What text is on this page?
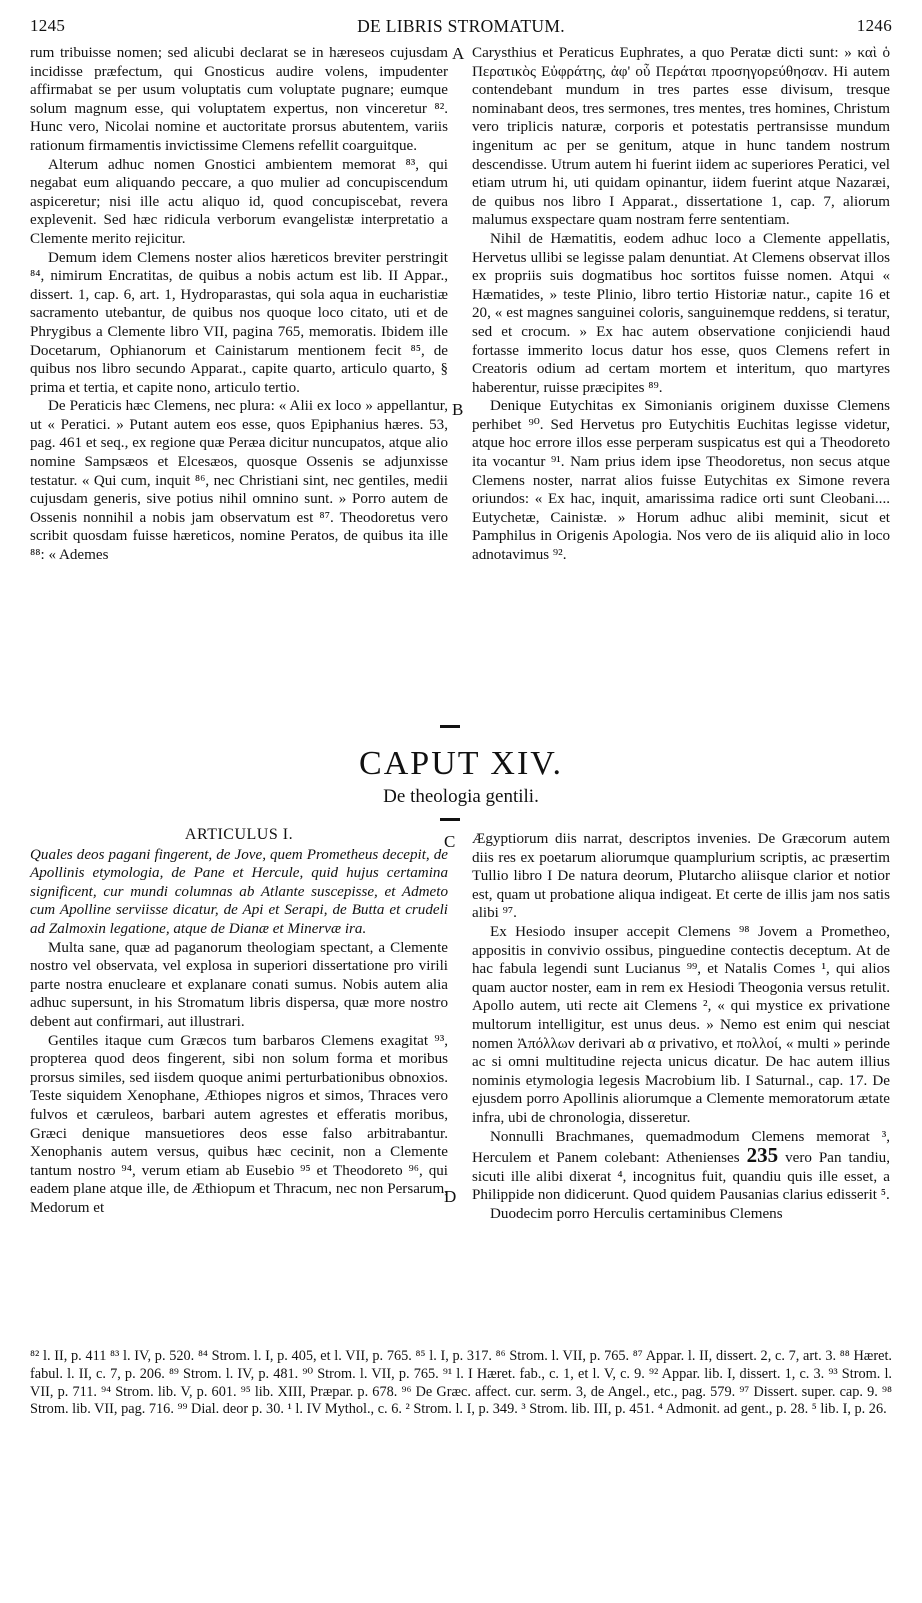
1245	DE LIBRIS STROMATUM.	1246

rum tribuisse nomen; sed alicubi declarat se in hæreseos cujusdam incidisse præfectum, qui Gnosticus audire volens, impudenter affirmabat se per usum voluptatis cum voluptate pugnare; eumque solum magnum esse, qui voluptatem expertus, non vinceretur ⁸². Hunc vero, Nicolai nomine et auctoritate prorsus abutentem, variis rationum firmamentis invictissime Clemens refellit coarguitque.

Alterum adhuc nomen Gnostici ambientem memorat ⁸³, qui negabat eum aliquando peccare, a quo mulier ad concupiscendum aspiceretur; nisi ille actu aliquo id, quod concupiscebat, revera explevenit. Sed hæc ridicula verborum evangelistæ interpretatio a Clemente merito rejicitur.

Demum idem Clemens noster alios hæreticos breviter perstringit ⁸⁴, nimirum Encratitas, de quibus a nobis actum est lib. II Appar., dissert. 1, cap. 6, art. 1, Hydroparastas, qui sola aqua in eucharistiæ sacramento utebantur, de quibus nos quoque loco citato, uti et de Phrygibus a Clemente libro VII, pagina 765, memoratis. Ibidem ille Docetarum, Ophianorum et Cainistarum mentionem fecit ⁸⁵, de quibus nos libro secundo Apparat., capite quarto, articulo quarto, § prima et tertia, et capite nono, articulo tertio.

De Peraticis hæc Clemens, nec plura: « Alii ex loco » appellantur, ut « Peratici. » Putant autem eos esse, quos Epiphanius hæres. 53, pag. 461 et seq., ex regione quæ Peræa dicitur nuncupatos, atque alio nomine Sampsæos et Elcesæos, quosque Ossenis se adjunxisse testatur. « Qui cum, inquit ⁸⁶, nec Christiani sint, nec gentiles, medii cujusdam generis, sive potius nihil omnino sunt. » Porro autem de Ossenis nonnihil a nobis jam observatum est ⁸⁷. Theodoretus vero scribit quosdam fuisse hæreticos, nomine Peratos, de quibus ita ille ⁸⁸: « Ademes

A
B

Carysthius et Peraticus Euphrates, a quo Peratæ dicti sunt: » καὶ ὁ Περατικὸς Εὐφράτης, ἀφ' οὗ Περάται προσηγορεύθησαν. Hi autem contendebant mundum in tres partes esse divisum, tresque nominabant deos, tres sermones, tres mentes, tres homines, Christum vero triplicis naturæ, corporis et potestatis pertransisse mundum ingenitum ac per se genitum, atque in hunc tandem nostrum descendisse. Utrum autem hi fuerint iidem ac superiores Peratici, vel etiam utrum hi, uti quidam opinantur, iidem fuerint atque Nazaræi, de quibus nos libro I Apparat., dissertatione 1, cap. 7, aliorum malumus exspectare quam nostram ferre sententiam.

Nihil de Hæmatitis, eodem adhuc loco a Clemente appellatis, Hervetus ullibi se legisse palam denuntiat. At Clemens observat illos ex propriis suis dogmatibus hoc sortitos fuisse nomen. Atqui « Hæmatides, » teste Plinio, libro tertio Historiæ natur., capite 16 et 20, « est magnes sanguinei coloris, sanguinemque reddens, si teratur, sed et crocum. » Ex hac autem observatione conjiciendi haud fortasse immerito locus datur hos esse, quos Clemens refert in Creatoris odium ad certam mortem et interitum, quo martyres haberentur, ruisse præcipites ⁸⁹.

Denique Eutychitas ex Simonianis originem duxisse Clemens perhibet ⁹⁰. Sed Hervetus pro Eutychitis Euchitas legisse videtur, atque hoc errore illos esse perperam suspicatus est qui a Theodoreto ita vocantur ⁹¹. Nam prius idem ipse Theodoretus, non secus atque Clemens noster, narrat alios fuisse Eutychitas ex Simone revera oriundos: « Ex hac, inquit, amarissima radice orti sunt Cleobani.... Eutychetæ, Cainistæ. » Horum adhuc alibi meminit, sicut et Pamphilus in Origenis Apologia. Nos vero de iis aliquid alio in loco adnotavimus ⁹².

CAPUT XIV.
De theologia gentili.
ARTICULUS I.

Quales deos pagani fingerent, de Jove, quem Prometheus decepit, de Apollinis etymologia, de Pane et Hercule, quid hujus certamina significent, cur mundi columnas ab Atlante suscepisse, et Admeto cum Apolline serviisse dicatur, de Api et Serapi, de Butta et crudeli ad Zalmoxin legatione, atque de Dianæ et Minervæ ira.

Multa sane, quæ ad paganorum theologiam spectant, a Clemente nostro vel observata, vel explosa in superiori dissertatione pro virili parte nostra enucleare et explanare conati sumus. Nobis autem alia adhuc supersunt, in his Stromatum libris dispersa, quæ more nostro debent aut confirmari, aut illustrari.

Gentiles itaque cum Græcos tum barbaros Clemens exagitat ⁹³, propterea quod deos fingerent, sibi non solum forma et moribus prorsus similes, sed iisdem quoque animi perturbationibus obnoxios. Teste siquidem Xenophane, Æthiopes nigros et simos, Thraces vero fulvos et cæruleos, barbari autem agrestes et efferatis moribus, Græci denique mansuetiores deos esse falso arbitrabantur. Xenophanis autem versus, quibus hæc cecinit, non a Clemente tantum nostro ⁹⁴, verum etiam ab Eusebio ⁹⁵ et Theodoreto ⁹⁶, qui eadem plane atque ille, de Æthiopum et Thracum, nec non Persarum, Medorum et

C
D

Ægyptiorum diis narrat, descriptos invenies. De Græcorum autem diis res ex poetarum aliorumque quamplurium scriptis, ac præsertim Tullio libro I De natura deorum, Plutarcho aliisque clarior et notior est, quam ut probatione aliqua indigeat. Et certe de illis jam nos satis alibi ⁹⁷.

Ex Hesiodo insuper accepit Clemens ⁹⁸ Jovem a Prometheo, appositis in convivio ossibus, pinguedine contectis deceptum. At de hac fabula legendi sunt Lucianus ⁹⁹, et Natalis Comes ¹, qui alios quam auctor noster, eam in rem ex Hesiodi Theogonia versus retulit. Apollo autem, uti recte ait Clemens ², « qui mystice ex privatione multorum intelligitur, est unus deus. » Nemo est enim qui nesciat nomen Ἀπόλλων derivari ab α privativo, et πολλοί, « multi » perinde ac si omni multitudine rejecta unicus dicatur. De hac autem illius nominis etymologia legesis Macrobium lib. I Saturnal., cap. 17. De ejusdem porro Apollinis aliorumque a Clemente memoratorum ætate infra, ubi de chronologia, disseretur.

Nonnulli Brachmanes, quemadmodum Clemens memorat ³, Herculem et Panem colebant: Athenienses 235 vero Pan tandiu, sicuti ille alibi dixerat ⁴, incognitus fuit, quandiu quis ille esset, a Philippide non didicerunt. Quod quidem Pausanias clarius edisserit ⁵.

Duodecim porro Herculis certaminibus Clemens

⁸² l. II, p. 411 ⁸³ l. IV, p. 520. ⁸⁴ Strom. l. I, p. 405, et l. VII, p. 765. ⁸⁵ l. I, p. 317. ⁸⁶ Strom. l. VII, p. 765. ⁸⁷ Appar. l. II, dissert. 2, c. 7, art. 3. ⁸⁸ Hæret. fabul. l. II, c. 7, p. 206. ⁸⁹ Strom. l. IV, p. 481. ⁹⁰ Strom. l. VII, p. 765. ⁹¹ l. I Hæret. fab., c. 1, et l. V, c. 9. ⁹² Appar. lib. I, dissert. 1, c. 3. ⁹³ Strom. l. VII, p. 711. ⁹⁴ Strom. lib. V, p. 601. ⁹⁵ lib. XIII, Præpar. p. 678. ⁹⁶ De Græc. affect. cur. serm. 3, de Angel., etc., pag. 579. ⁹⁷ Dissert. super. cap. 9. ⁹⁸ Strom. lib. VII, pag. 716. ⁹⁹ Dial. deor p. 30. ¹ l. IV Mythol., c. 6. ² Strom. l. I, p. 349. ³ Strom. lib. III, p. 451. ⁴ Admonit. ad gent., p. 28. ⁵ lib. I, p. 26.
